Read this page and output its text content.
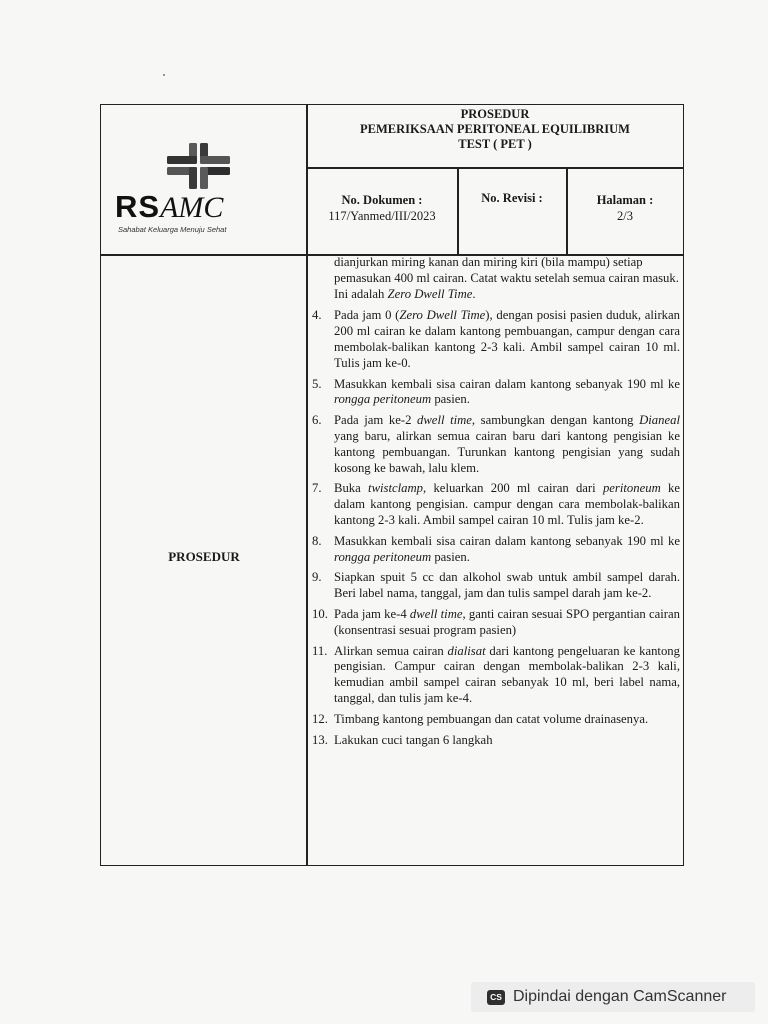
RSAMC
Sahabat Keluarga Menuju Sehat
PROSEDUR
PEMERIKSAAN PERITONEAL EQUILIBRIUM
TEST ( PET )
No. Dokumen :
117/Yanmed/III/2023
No. Revisi :	Halaman :
2/3
PROSEDUR
dianjurkan miring kanan dan miring kiri (bila mampu) setiap pemasukan 400 ml cairan. Catat waktu setelah semua cairan masuk. Ini adalah Zero Dwell Time.
4. Pada jam 0 (Zero Dwell Time), dengan posisi pasien duduk, alirkan 200 ml cairan ke dalam kantong pembuangan, campur dengan cara membolak-balikan kantong 2-3 kali. Ambil sampel cairan 10 ml. Tulis jam ke-0.
5. Masukkan kembali sisa cairan dalam kantong sebanyak 190 ml ke rongga peritoneum pasien.
6. Pada jam ke-2 dwell time, sambungkan dengan kantong Dianeal yang baru, alirkan semua cairan baru dari kantong pengisian ke kantong pembuangan. Turunkan kantong pengisian yang sudah kosong ke bawah, lalu klem.
7. Buka twistclamp, keluarkan 200 ml cairan dari peritoneum ke dalam kantong pengisian. campur dengan cara membolak-balikan kantong 2-3 kali. Ambil sampel cairan 10 ml. Tulis jam ke-2.
8. Masukkan kembali sisa cairan dalam kantong sebanyak 190 ml ke rongga peritoneum pasien.
9. Siapkan spuit 5 cc dan alkohol swab untuk ambil sampel darah. Beri label nama, tanggal, jam dan tulis sampel darah jam ke-2.
10. Pada jam ke-4 dwell time, ganti cairan sesuai SPO pergantian cairan (konsentrasi sesuai program pasien)
11. Alirkan semua cairan dialisat dari kantong pengeluaran ke kantong pengisian. Campur cairan dengan membolak-balikan 2-3 kali, kemudian ambil sampel cairan sebanyak 10 ml, beri label nama, tanggal, dan tulis jam ke-4.
12. Timbang kantong pembuangan dan catat volume drainasenya.
13. Lakukan cuci tangan 6 langkah
CS Dipindai dengan CamScanner
